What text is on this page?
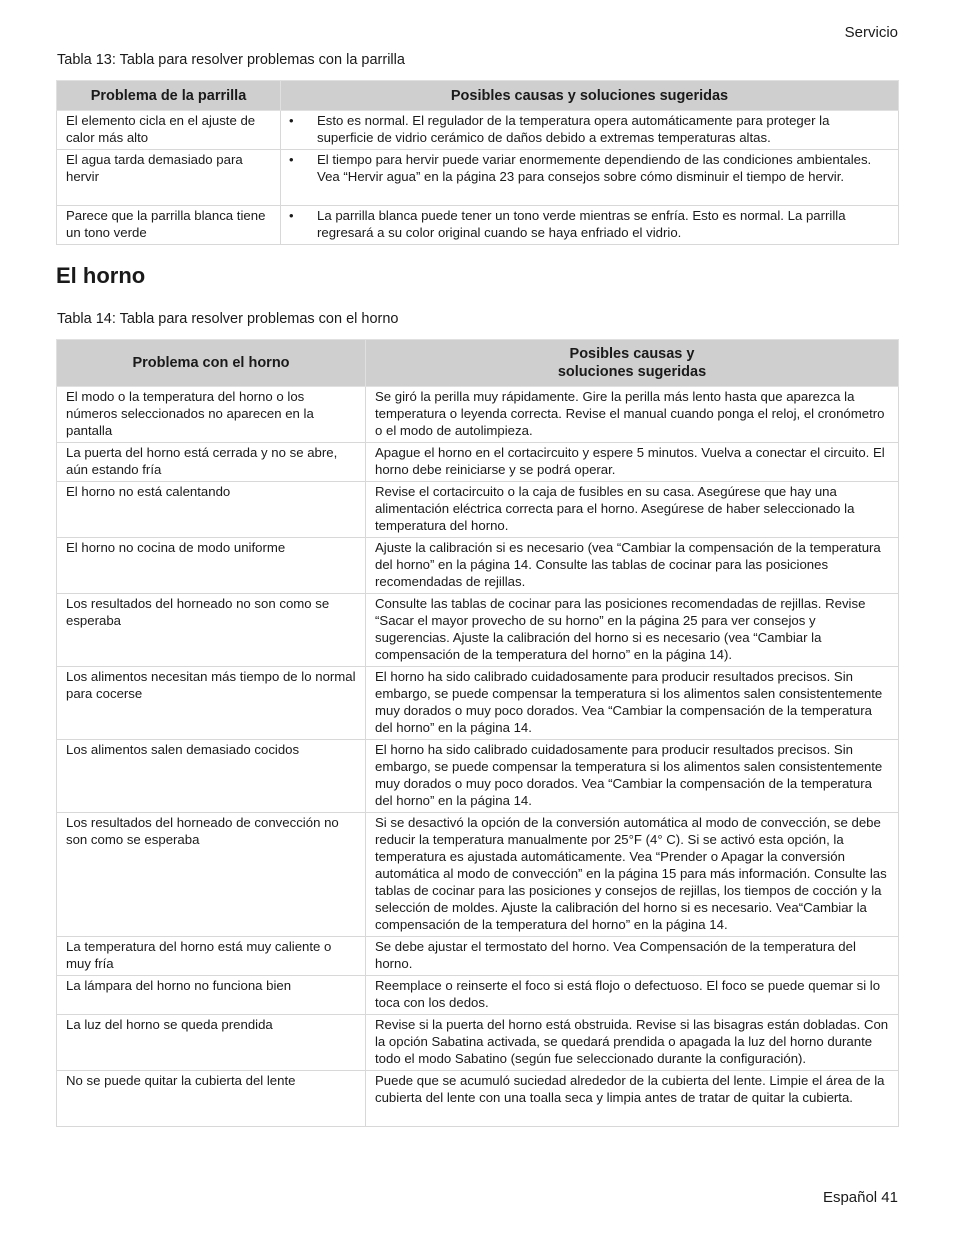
Servicio
Tabla 13: Tabla para resolver problemas con la parrilla
Problema de la parrilla	Posibles causas y soluciones sugeridas
El elemento cicla en el ajuste de calor más alto	• Esto es normal. El regulador de la temperatura opera automáticamente para proteger la superficie de vidrio cerámico de daños debido a extremas temperaturas altas.
El agua tarda demasiado para hervir	• El tiempo para hervir puede variar enormemente dependiendo de las condiciones ambientales. Vea “Hervir agua” en la página 23 para consejos sobre cómo disminuir el tiempo de hervir.
Parece que la parrilla blanca tiene un tono verde	• La parrilla blanca puede tener un tono verde mientras se enfría. Esto es normal. La parrilla regresará a su color original cuando se haya enfriado el vidrio.
El horno
Tabla 14: Tabla para resolver problemas con el horno
Problema con el horno	Posibles causas y
soluciones sugeridas
El modo o la temperatura del horno o los números seleccionados no aparecen en la pantalla	Se giró la perilla muy rápidamente. Gire la perilla más lento hasta que aparezca la temperatura o leyenda correcta. Revise el manual cuando ponga el reloj, el cronómetro o el modo de autolimpieza.
La puerta del horno está cerrada y no se abre, aún estando fría	Apague el horno en el cortacircuito y espere 5 minutos. Vuelva a conectar el circuito. El horno debe reiniciarse y se podrá operar.
El horno no está calentando	Revise el cortacircuito o la caja de fusibles en su casa. Asegúrese que hay una alimentación eléctrica correcta para el horno. Asegúrese de haber seleccionado la temperatura del horno.
El horno no cocina de modo uniforme	Ajuste la calibración si es necesario (vea “Cambiar la compensación de la temperatura del horno” en la página 14. Consulte las tablas de cocinar para las posiciones recomendadas de rejillas.
Los resultados del horneado no son como se esperaba	Consulte las tablas de cocinar para las posiciones recomendadas de rejillas. Revise “Sacar el mayor provecho de su horno” en la página 25 para ver consejos y sugerencias. Ajuste la calibración del horno si es necesario (vea “Cambiar la compensación de la temperatura del horno” en la página 14).
Los alimentos necesitan más tiempo de lo normal para cocerse	El horno ha sido calibrado cuidadosamente para producir resultados precisos. Sin embargo, se puede compensar la temperatura si los alimentos salen consistentemente muy dorados o muy poco dorados. Vea “Cambiar la compensación de la temperatura del horno” en la página 14.
Los alimentos salen demasiado cocidos	El horno ha sido calibrado cuidadosamente para producir resultados precisos. Sin embargo, se puede compensar la temperatura si los alimentos salen consistentemente muy dorados o muy poco dorados. Vea “Cambiar la compensación de la temperatura del horno” en la página 14.
Los resultados del horneado de convección no son como se esperaba	Si se desactivó la opción de la conversión automática al modo de convección, se debe reducir la temperatura manualmente por 25°F (4° C). Si se activó esta opción, la temperatura es ajustada automáticamente. Vea “Prender o Apagar la conversión automática al modo de convección” en la página 15 para más información. Consulte las tablas de cocinar para las posiciones y consejos de rejillas, los tiempos de cocción y la selección de moldes. Ajuste la calibración del horno si es necesario. Vea“Cambiar la compensación de la temperatura del horno” en la página 14.
La temperatura del horno está muy caliente o muy fría	Se debe ajustar el termostato del horno. Vea Compensación de la temperatura del horno.
La lámpara del horno no funciona bien	Reemplace o reinserte el foco si está flojo o defectuoso. El foco se puede quemar si lo toca con los dedos.
La luz del horno se queda prendida	Revise si la puerta del horno está obstruida. Revise si las bisagras están dobladas. Con la opción Sabatina activada, se quedará prendida o apagada la luz del horno durante todo el modo Sabatino (según fue seleccionado durante la configuración).
No se puede quitar la cubierta del lente	Puede que se acumuló suciedad alrededor de la cubierta del lente. Limpie el área de la cubierta del lente con una toalla seca y limpia antes de tratar de quitar la cubierta.
Español 41
